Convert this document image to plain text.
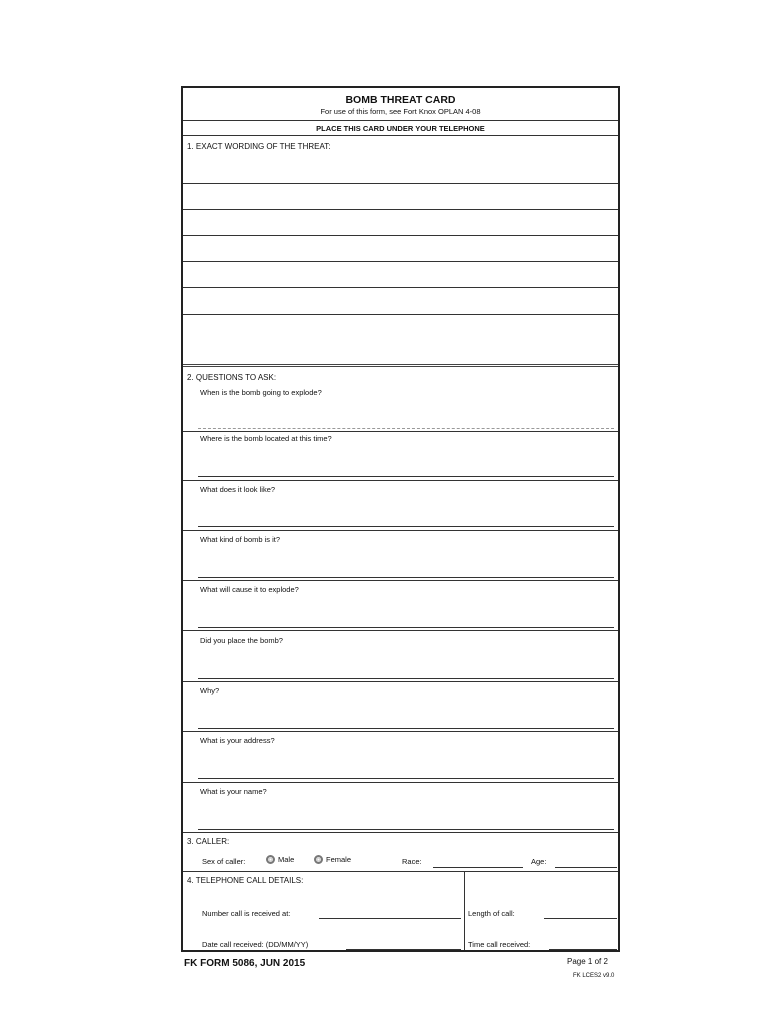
BOMB THREAT CARD
For use of this form, see Fort Knox OPLAN 4-08
PLACE THIS CARD UNDER YOUR TELEPHONE
1. EXACT WORDING OF THE THREAT:
2. QUESTIONS TO ASK:
When is the bomb going to explode?
Where is the bomb located at this time?
What does it look like?
What kind of bomb is it?
What will cause it to explode?
Did you place the bomb?
Why?
What is your address?
What is your name?
3. CALLER:
Sex of caller:	Male	Female	Race:	Age:
4. TELEPHONE CALL DETAILS:
Number call is received at:	Length of call:
Date call received: (DD/MM/YY)	Time call received:
FK FORM 5086, JUN 2015	Page 1 of 2
FK LCES2 v9.0
